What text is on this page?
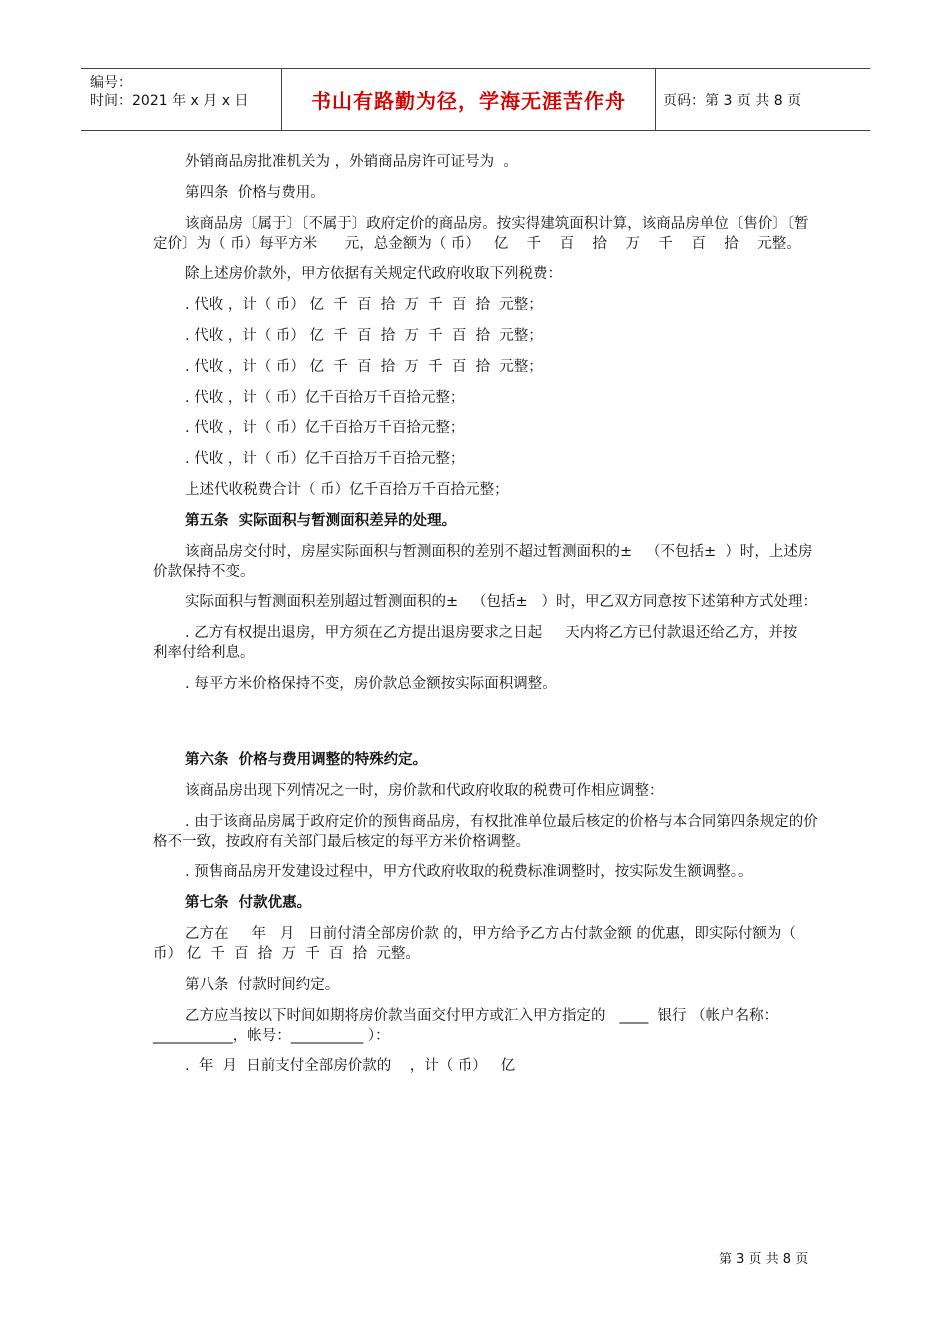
编号：
时间：2021 年 x 月 x 日	书山有路勤为径，学海无涯苦作舟	页码：第 3 页 共 8 页

外销商品房批准机关为 ，外销商品房许可证号为  。

第四条  价格与费用。

该商品房〔属于〕〔不属于〕政府定价的商品房。按实得建筑面积计算，该商品房单位〔售价〕〔暂定价〕为（ 币）每平方米      元，总金额为（ 币）   亿    千    百    拾    万    千    百    拾    元整。

除上述房价款外，甲方依据有关规定代政府收取下列税费：

. 代收 ，计（ 币） 亿  千  百  拾  万  千  百  拾  元整；

. 代收 ，计（ 币） 亿  千  百  拾  万  千  百  拾  元整；

. 代收 ，计（ 币） 亿  千  百  拾  万  千  百  拾  元整；

. 代收 ，计（ 币）亿千百拾万千百拾元整；

. 代收 ，计（ 币）亿千百拾万千百拾元整；

. 代收 ，计（ 币）亿千百拾万千百拾元整；

上述代收税费合计（ 币）亿千百拾万千百拾元整；

第五条  实际面积与暂测面积差异的处理。

该商品房交付时，房屋实际面积与暂测面积的差别不超过暂测面积的±   （不包括±  ）时，上述房价款保持不变。

实际面积与暂测面积差别超过暂测面积的±   （包括±   ）时，甲乙双方同意按下述第种方式处理：

. 乙方有权提出退房，甲方须在乙方提出退房要求之日起     天内将乙方已付款退还给乙方，并按  利率付给利息。

. 每平方米价格保持不变，房价款总金额按实际面积调整。

第六条  价格与费用调整的特殊约定。

该商品房出现下列情况之一时，房价款和代政府收取的税费可作相应调整：

. 由于该商品房属于政府定价的预售商品房，有权批准单位最后核定的价格与本合同第四条规定的价格不一致，按政府有关部门最后核定的每平方米价格调整。

. 预售商品房开发建设过程中，甲方代政府收取的税费标准调整时，按实际发生额调整。。

第七条  付款优惠。

乙方在     年   月   日前付清全部房价款 的，甲方给予乙方占付款金额 的优惠，即实际付额为（ 币） 亿  千  百  拾  万  千  百  拾  元整。

第八条  付款时间约定。

乙方应当按以下时间如期将房价款当面交付甲方或汇入甲方指定的   ____  银行 （帐户名称：___________，帐号：__________ ）：

.  年  月  日前支付全部房价款的    ，计（ 币）   亿

第 3 页 共 8 页
